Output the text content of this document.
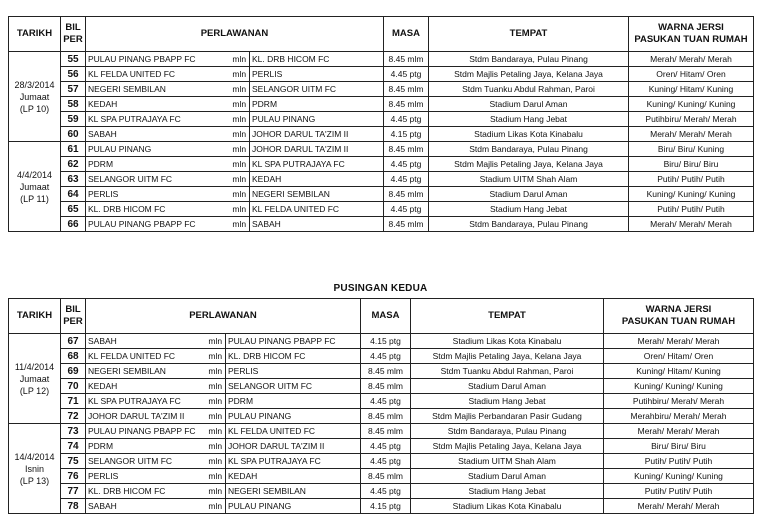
TARIKH	BIL
PER	PERLAWANAN			MASA	TEMPAT	WARNA JERSI
PASUKAN TUAN RUMAH
28/3/2014
Jumaat
(LP 10)	55	PULAU PINANG PBAPP FC	mln	KL. DRB HICOM FC	8.45 mlm	Stdm Bandaraya, Pulau Pinang	Merah/ Merah/ Merah
	56	KL FELDA UNITED FC	mln	PERLIS	4.45 ptg	Stdm Majlis Petaling Jaya, Kelana Jaya	Oren/ Hitam/ Oren
	57	NEGERI SEMBILAN	mln	SELANGOR UITM FC	8.45 mlm	Stdm Tuanku Abdul Rahman, Paroi	Kuning/ Hitam/ Kuning
	58	KEDAH	mln	PDRM	8.45 mlm	Stadium Darul Aman	Kuning/ Kuning/ Kuning
	59	KL SPA PUTRAJAYA FC	mln	PULAU PINANG	4.45 ptg	Stadium Hang Jebat	Putihbiru/ Merah/ Merah
	60	SABAH	mln	JOHOR DARUL TA'ZIM II	4.15 ptg	Stadium Likas Kota Kinabalu	Merah/ Merah/ Merah
4/4/2014
Jumaat
(LP 11)	61	PULAU PINANG	mln	JOHOR DARUL TA'ZIM II	8.45 mlm	Stdm Bandaraya, Pulau Pinang	Biru/ Biru/ Kuning
	62	PDRM	mln	KL SPA PUTRAJAYA FC	4.45 ptg	Stdm Majlis Petaling Jaya, Kelana Jaya	Biru/ Biru/ Biru
	63	SELANGOR UITM FC	mln	KEDAH	4.45 ptg	Stadium UITM Shah Alam	Putih/ Putih/ Putih
	64	PERLIS	mln	NEGERI SEMBILAN	8.45 mlm	Stadium Darul Aman	Kuning/ Kuning/ Kuning
	65	KL. DRB HICOM FC	mln	KL FELDA UNITED FC	4.45 ptg	Stadium Hang Jebat	Putih/ Putih/ Putih
	66	PULAU PINANG PBAPP FC	mln	SABAH	8.45 mlm	Stdm Bandaraya, Pulau Pinang	Merah/ Merah/ Merah
PUSINGAN KEDUA
TARIKH	BIL
PER	PERLAWANAN			MASA	TEMPAT	WARNA JERSI
PASUKAN TUAN RUMAH
11/4/2014
Jumaat
(LP 12)	67	SABAH	mln	PULAU PINANG PBAPP FC	4.15 ptg	Stadium Likas Kota Kinabalu	Merah/ Merah/ Merah
	68	KL FELDA UNITED FC	mln	KL. DRB HICOM FC	4.45 ptg	Stdm Majlis Petaling Jaya, Kelana Jaya	Oren/ Hitam/ Oren
	69	NEGERI SEMBILAN	mln	PERLIS	8.45 mlm	Stdm Tuanku Abdul Rahman, Paroi	Kuning/ Hitam/ Kuning
	70	KEDAH	mln	SELANGOR UITM FC	8.45 mlm	Stadium Darul Aman	Kuning/ Kuning/ Kuning
	71	KL SPA PUTRAJAYA FC	mln	PDRM	4.45 ptg	Stadium Hang Jebat	Putihbiru/ Merah/ Merah
	72	JOHOR DARUL TA'ZIM II	mln	PULAU PINANG	8.45 mlm	Stdm Majlis Perbandaran Pasir Gudang	Merahbiru/ Merah/ Merah
14/4/2014
Isnin
(LP 13)	73	PULAU PINANG PBAPP FC	mln	KL FELDA UNITED FC	8.45 mlm	Stdm Bandaraya, Pulau Pinang	Merah/ Merah/ Merah
	74	PDRM	mln	JOHOR DARUL TA'ZIM II	4.45 ptg	Stdm Majlis Petaling Jaya, Kelana Jaya	Biru/ Biru/ Biru
	75	SELANGOR UITM FC	mln	KL SPA PUTRAJAYA FC	4.45 ptg	Stadium UITM Shah Alam	Putih/ Putih/ Putih
	76	PERLIS	mln	KEDAH	8.45 mlm	Stadium Darul Aman	Kuning/ Kuning/ Kuning
	77	KL. DRB HICOM FC	mln	NEGERI SEMBILAN	4.45 ptg	Stadium Hang Jebat	Putih/ Putih/ Putih
	78	SABAH	mln	PULAU PINANG	4.15 ptg	Stadium Likas Kota Kinabalu	Merah/ Merah/ Merah
